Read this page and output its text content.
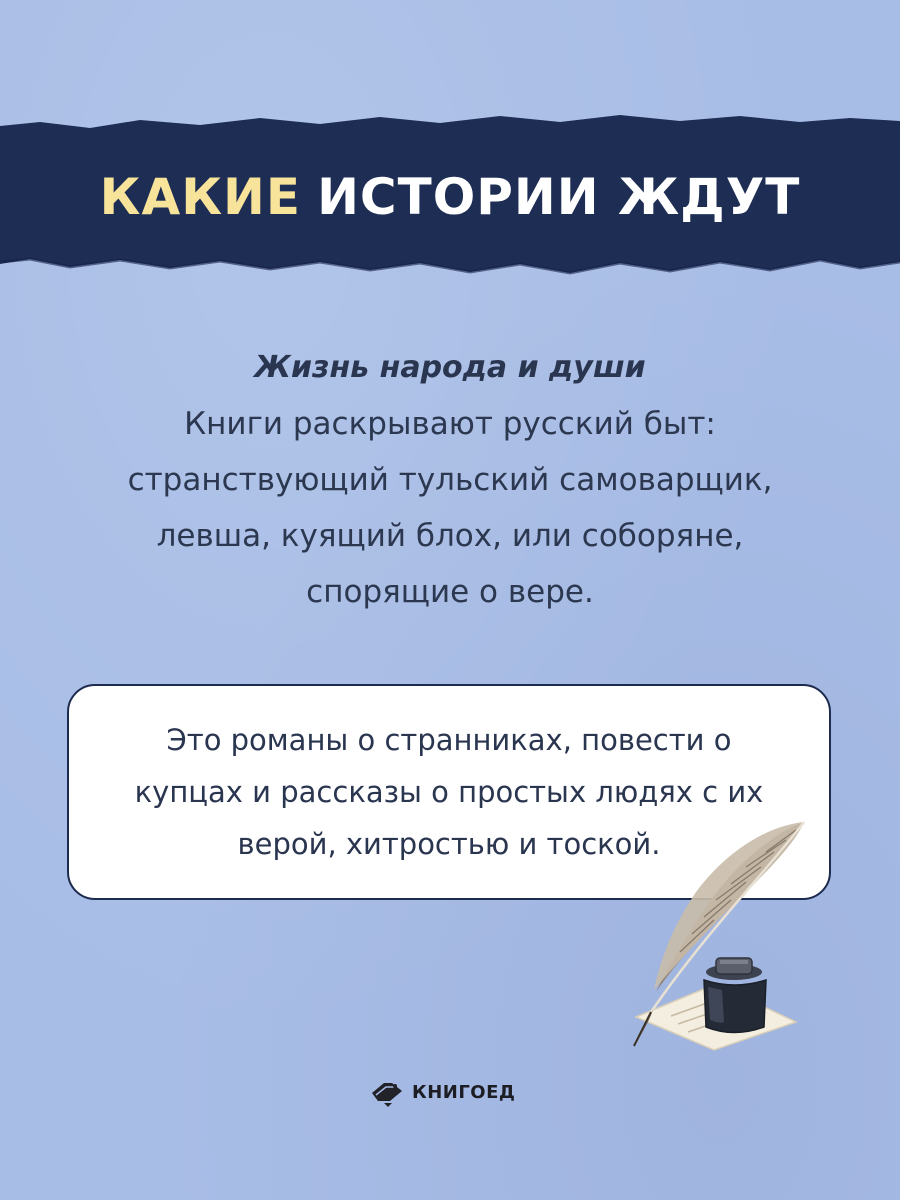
КАКИЕ ИСТОРИИ ЖДУТ
Жизнь народа и души
Книги раскрывают русский быт:
странствующий тульский самоварщик,
левша, куящий блох, или соборяне,
спорящие о вере.
Это романы о странниках, повести о
купцах и рассказы о простых людях с их
верой, хитростью и тоской.
КНИГОЕД
